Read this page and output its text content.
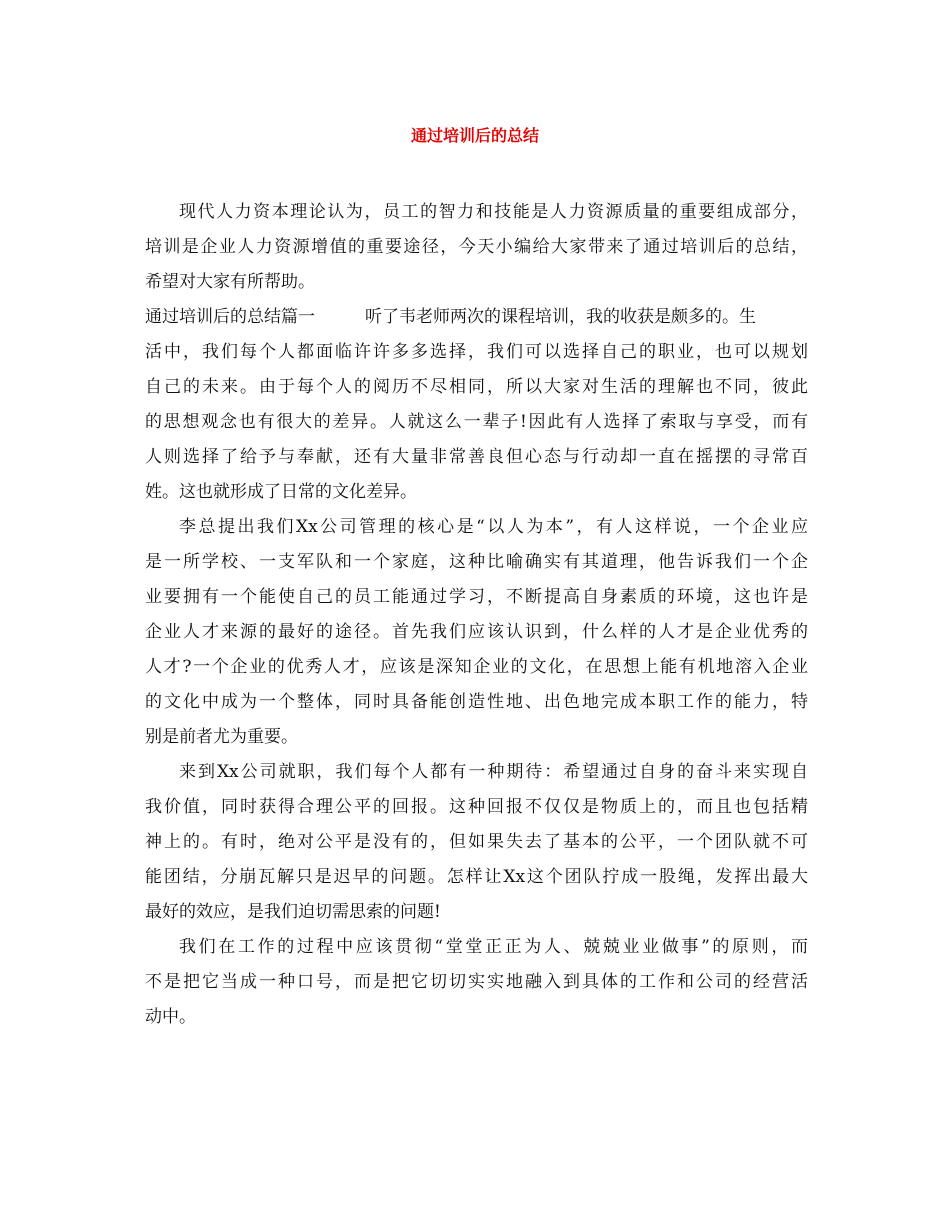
通过培训后的总结
现代人力资本理论认为，员工的智力和技能是人力资源质量的重要组成部分，
培训是企业人力资源增值的重要途径，今天小编给大家带来了通过培训后的总结，
希望对大家有所帮助。
通过培训后的总结篇一	听了韦老师两次的课程培训，我的收获是颇多的。生
活中，我们每个人都面临许许多多选择，我们可以选择自己的职业，也可以规划
自己的未来。由于每个人的阅历不尽相同，所以大家对生活的理解也不同，彼此
的思想观念也有很大的差异。人就这么一辈子!因此有人选择了索取与享受，而有
人则选择了给予与奉献，还有大量非常善良但心态与行动却一直在摇摆的寻常百
姓。这也就形成了日常的文化差异。
李总提出我们Xx公司管理的核心是“以人为本”，有人这样说，一个企业应
是一所学校、一支军队和一个家庭，这种比喻确实有其道理，他告诉我们一个企
业要拥有一个能使自己的员工能通过学习，不断提高自身素质的环境，这也许是
企业人才来源的最好的途径。首先我们应该认识到，什么样的人才是企业优秀的
人才?一个企业的优秀人才，应该是深知企业的文化，在思想上能有机地溶入企业
的文化中成为一个整体，同时具备能创造性地、出色地完成本职工作的能力，特
别是前者尤为重要。
来到Xx公司就职，我们每个人都有一种期待：希望通过自身的奋斗来实现自
我价值，同时获得合理公平的回报。这种回报不仅仅是物质上的，而且也包括精
神上的。有时，绝对公平是没有的，但如果失去了基本的公平，一个团队就不可
能团结，分崩瓦解只是迟早的问题。怎样让Xx这个团队拧成一股绳，发挥出最大
最好的效应，是我们迫切需思索的问题!
我们在工作的过程中应该贯彻“堂堂正正为人、兢兢业业做事”的原则，而
不是把它当成一种口号，而是把它切切实实地融入到具体的工作和公司的经营活
动中。
